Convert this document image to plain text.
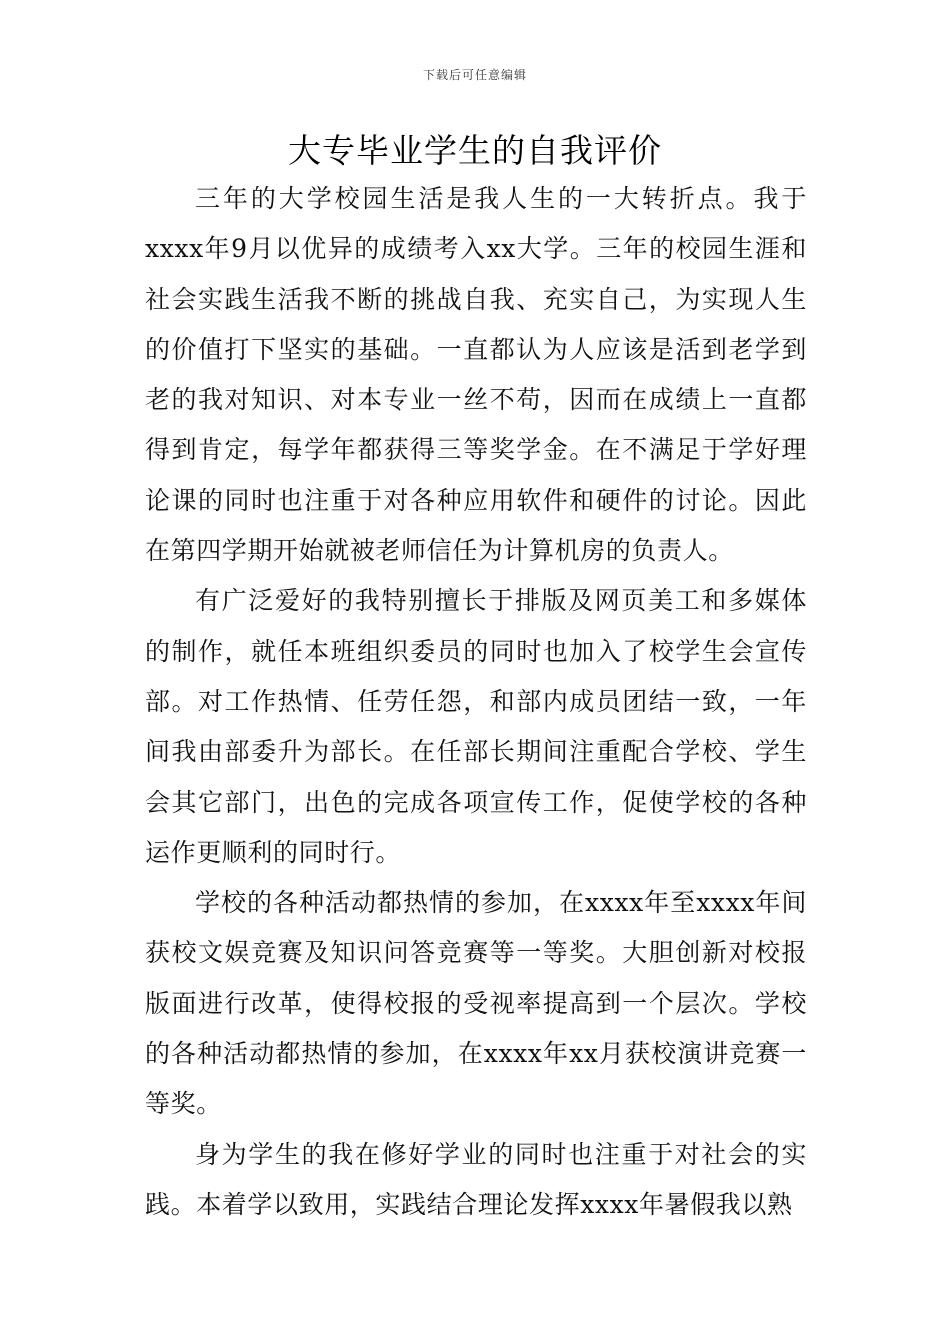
下载后可任意编辑
大专毕业学生的自我评价

三年的大学校园生活是我人生的一大转折点。我于xxxx年9月以优异的成绩考入xx大学。三年的校园生涯和社会实践生活我不断的挑战自我、充实自己，为实现人生的价值打下坚实的基础。一直都认为人应该是活到老学到老的我对知识、对本专业一丝不苟，因而在成绩上一直都得到肯定，每学年都获得三等奖学金。在不满足于学好理论课的同时也注重于对各种应用软件和硬件的讨论。因此在第四学期开始就被老师信任为计算机房的负责人。

有广泛爱好的我特别擅长于排版及网页美工和多媒体的制作，就任本班组织委员的同时也加入了校学生会宣传部。对工作热情、任劳任怨，和部内成员团结一致，一年间我由部委升为部长。在任部长期间注重配合学校、学生会其它部门，出色的完成各项宣传工作，促使学校的各种运作更顺利的同时行。

学校的各种活动都热情的参加，在xxxx年至xxxx年间获校文娱竞赛及知识问答竞赛等一等奖。大胆创新对校报版面进行改革，使得校报的受视率提高到一个层次。学校的各种活动都热情的参加，在xxxx年xx月获校演讲竞赛一等奖。

身为学生的我在修好学业的同时也注重于对社会的实践。本着学以致用，实践结合理论发挥xxxx年暑假我以熟
